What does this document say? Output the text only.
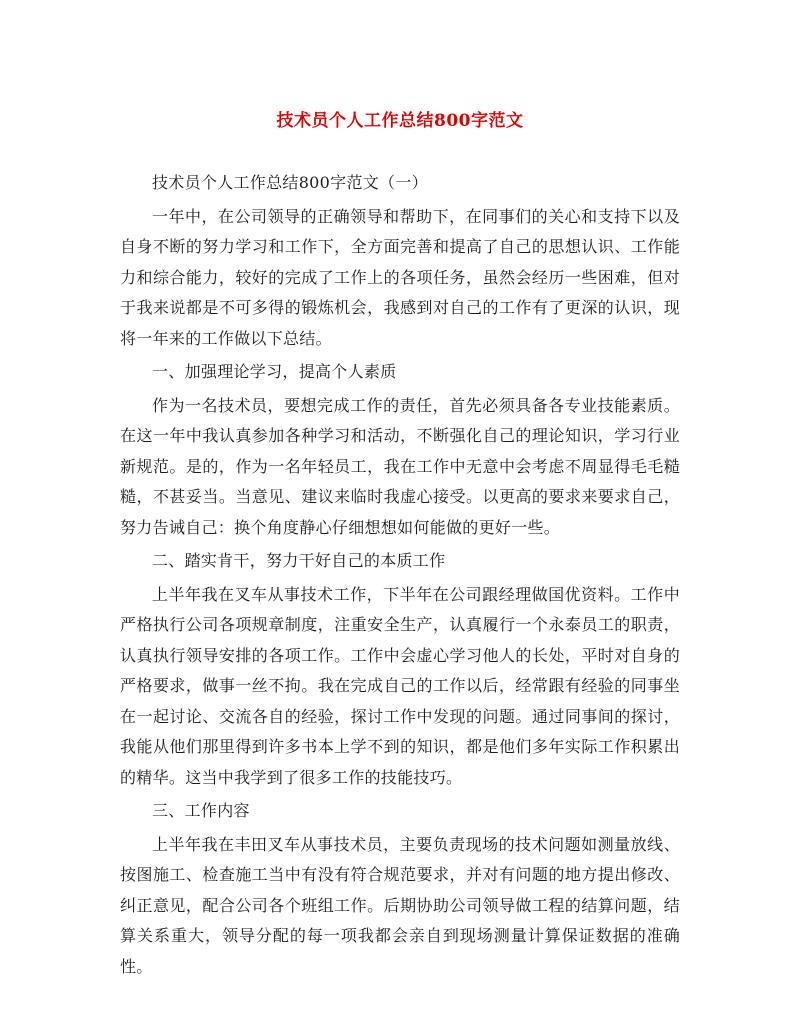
技术员个人工作总结800字范文

技术员个人工作总结800字范文（一）

一年中，在公司领导的正确领导和帮助下，在同事们的关心和支持下以及自身不断的努力学习和工作下，全方面完善和提高了自己的思想认识、工作能力和综合能力，较好的完成了工作上的各项任务，虽然会经历一些困难，但对于我来说都是不可多得的锻炼机会，我感到对自己的工作有了更深的认识，现将一年来的工作做以下总结。

一、加强理论学习，提高个人素质

作为一名技术员，要想完成工作的责任，首先必须具备各专业技能素质。在这一年中我认真参加各种学习和活动，不断强化自己的理论知识，学习行业新规范。是的，作为一名年轻员工，我在工作中无意中会考虑不周显得毛毛糙糙，不甚妥当。当意见、建议来临时我虚心接受。以更高的要求来要求自己，努力告诫自己：换个角度静心仔细想想如何能做的更好一些。

二、踏实肯干，努力干好自己的本质工作

上半年我在叉车从事技术工作，下半年在公司跟经理做国优资料。工作中严格执行公司各项规章制度，注重安全生产，认真履行一个永泰员工的职责，认真执行领导安排的各项工作。工作中会虚心学习他人的长处，平时对自身的严格要求，做事一丝不拘。我在完成自己的工作以后，经常跟有经验的同事坐在一起讨论、交流各自的经验，探讨工作中发现的问题。通过同事间的探讨，我能从他们那里得到许多书本上学不到的知识，都是他们多年实际工作积累出的精华。这当中我学到了很多工作的技能技巧。

三、工作内容

上半年我在丰田叉车从事技术员，主要负责现场的技术问题如测量放线、按图施工、检查施工当中有没有符合规范要求，并对有问题的地方提出修改、纠正意见，配合公司各个班组工作。后期协助公司领导做工程的结算问题，结算关系重大，领导分配的每一项我都会亲自到现场测量计算保证数据的准确性。
